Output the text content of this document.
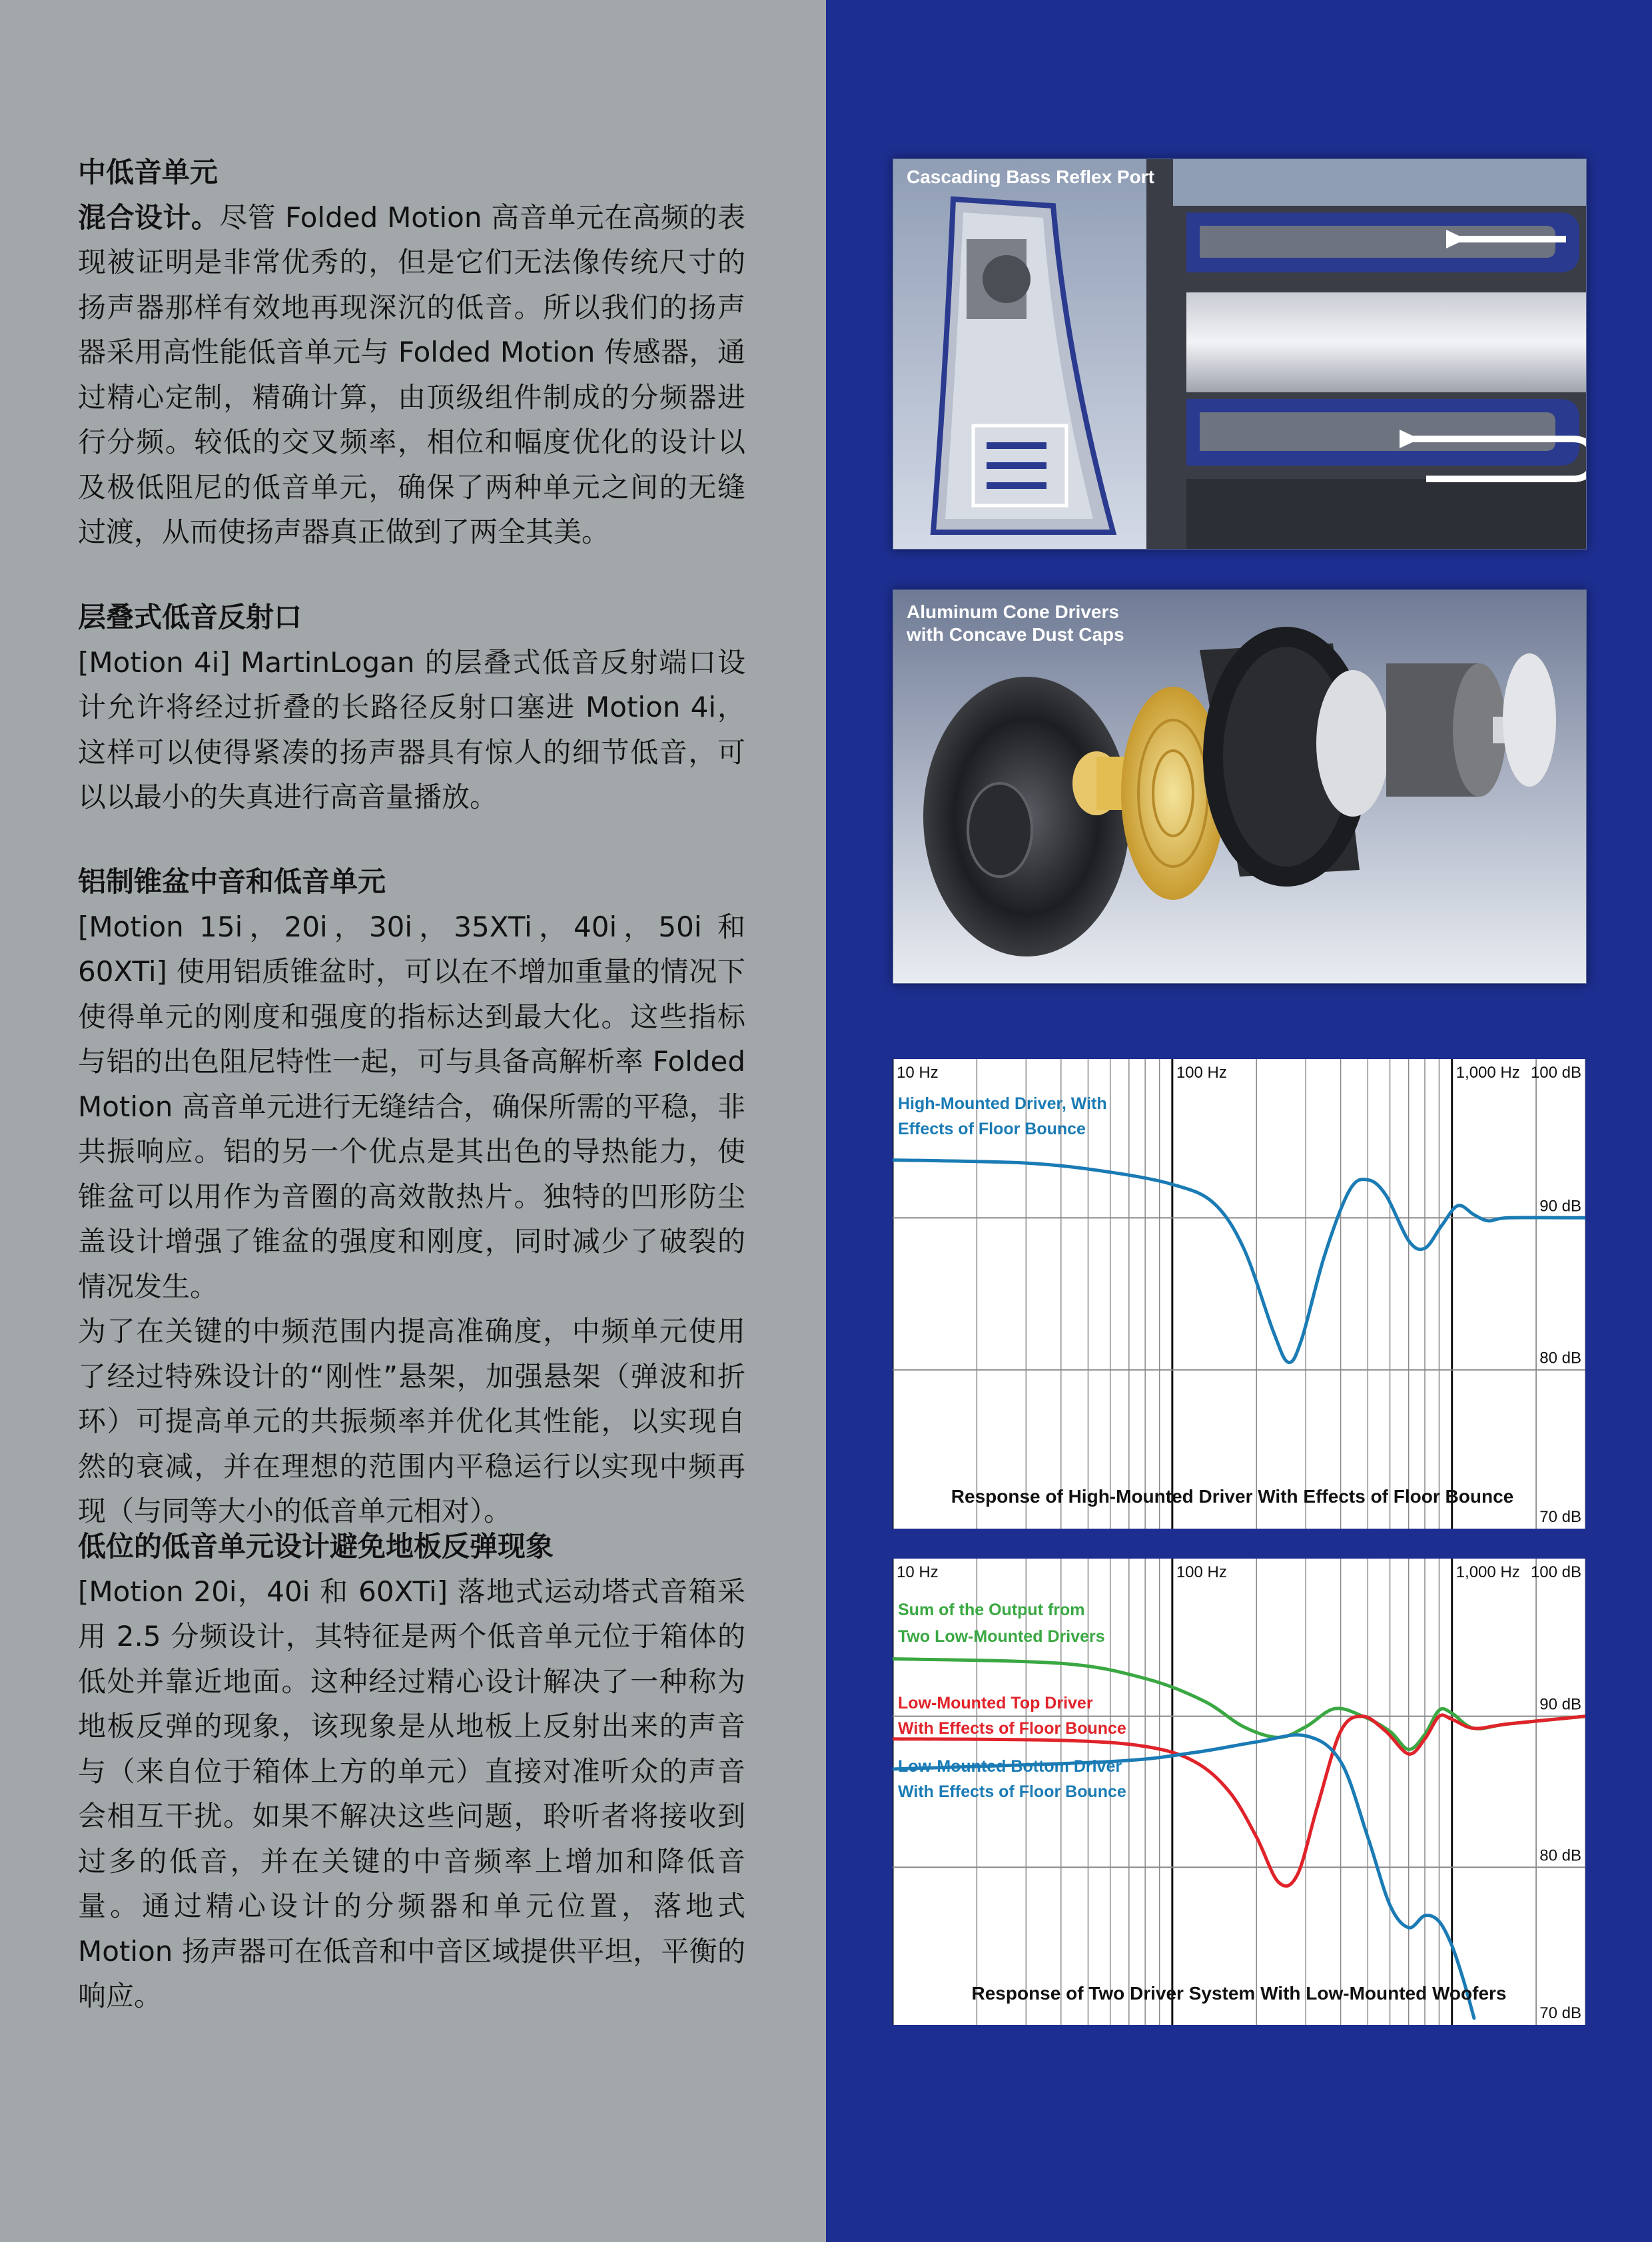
中低音单元

混合设计。尽管 Folded Motion 高音单元在高频的表现被证明是非常优秀的，但是它们无法像传统尺寸的扬声器那样有效地再现深沉的低音。所以我们的扬声器采用高性能低音单元与 Folded Motion 传感器，通过精心定制，精确计算，由顶级组件制成的分频器进行分频。较低的交叉频率，相位和幅度优化的设计以及极低阻尼的低音单元，确保了两种单元之间的无缝过渡，从而使扬声器真正做到了两全其美。

层叠式低音反射口

[Motion 4i] MartinLogan 的层叠式低音反射端口设计允许将经过折叠的长路径反射口塞进 Motion 4i，这样可以使得紧凑的扬声器具有惊人的细节低音，可以以最小的失真进行高音量播放。

铝制锥盆中音和低音单元

[Motion 15i，20i，30i，35XTi，40i，50i 和 60XTi] 使用铝质锥盆时，可以在不增加重量的情况下使得单元的刚度和强度的指标达到最大化。这些指标与铝的出色阻尼特性一起，可与具备高解析率 Folded Motion 高音单元进行无缝结合，确保所需的平稳，非共振响应。铝的另一个优点是其出色的导热能力，使锥盆可以用作为音圈的高效散热片。独特的凹形防尘盖设计增强了锥盆的强度和刚度，同时减少了破裂的情况发生。

为了在关键的中频范围内提高准确度，中频单元使用了经过特殊设计的“刚性”悬架，加强悬架（弹波和折环）可提高单元的共振频率并优化其性能，以实现自然的衰减，并在理想的范围内平稳运行以实现中频再现（与同等大小的低音单元相对）。

低位的低音单元设计避免地板反弹现象

[Motion 20i，40i 和 60XTi] 落地式运动塔式音箱采用 2.5 分频设计，其特征是两个低音单元位于箱体的低处并靠近地面。这种经过精心设计解决了一种称为地板反弹的现象，该现象是从地板上反射出来的声音与（来自位于箱体上方的单元）直接对准听众的声音会相互干扰。如果不解决这些问题，聆听者将接收到过多的低音，并在关键的中音频率上增加和降低音量。通过精心设计的分频器和单元位置，落地式 Motion 扬声器可在低音和中音区域提供平坦，平衡的响应。

Cascading Bass Reflex Port
Aluminum Cone Drivers
with Concave Dust Caps
10 Hz	100 Hz	1,000 Hz 100 dB
90 dB
80 dB
70 dB
High-Mounted Driver, With
Effects of Floor Bounce
Response of High-Mounted Driver With Effects of Floor Bounce
10 Hz	100 Hz	1,000 Hz 100 dB
90 dB
80 dB
70 dB
Sum of the Output from
Two Low-Mounted Drivers
Low-Mounted Top Driver
With Effects of Floor Bounce
Low-Mounted Bottom Driver
With Effects of Floor Bounce
Response of Two Driver System With Low-Mounted Woofers
